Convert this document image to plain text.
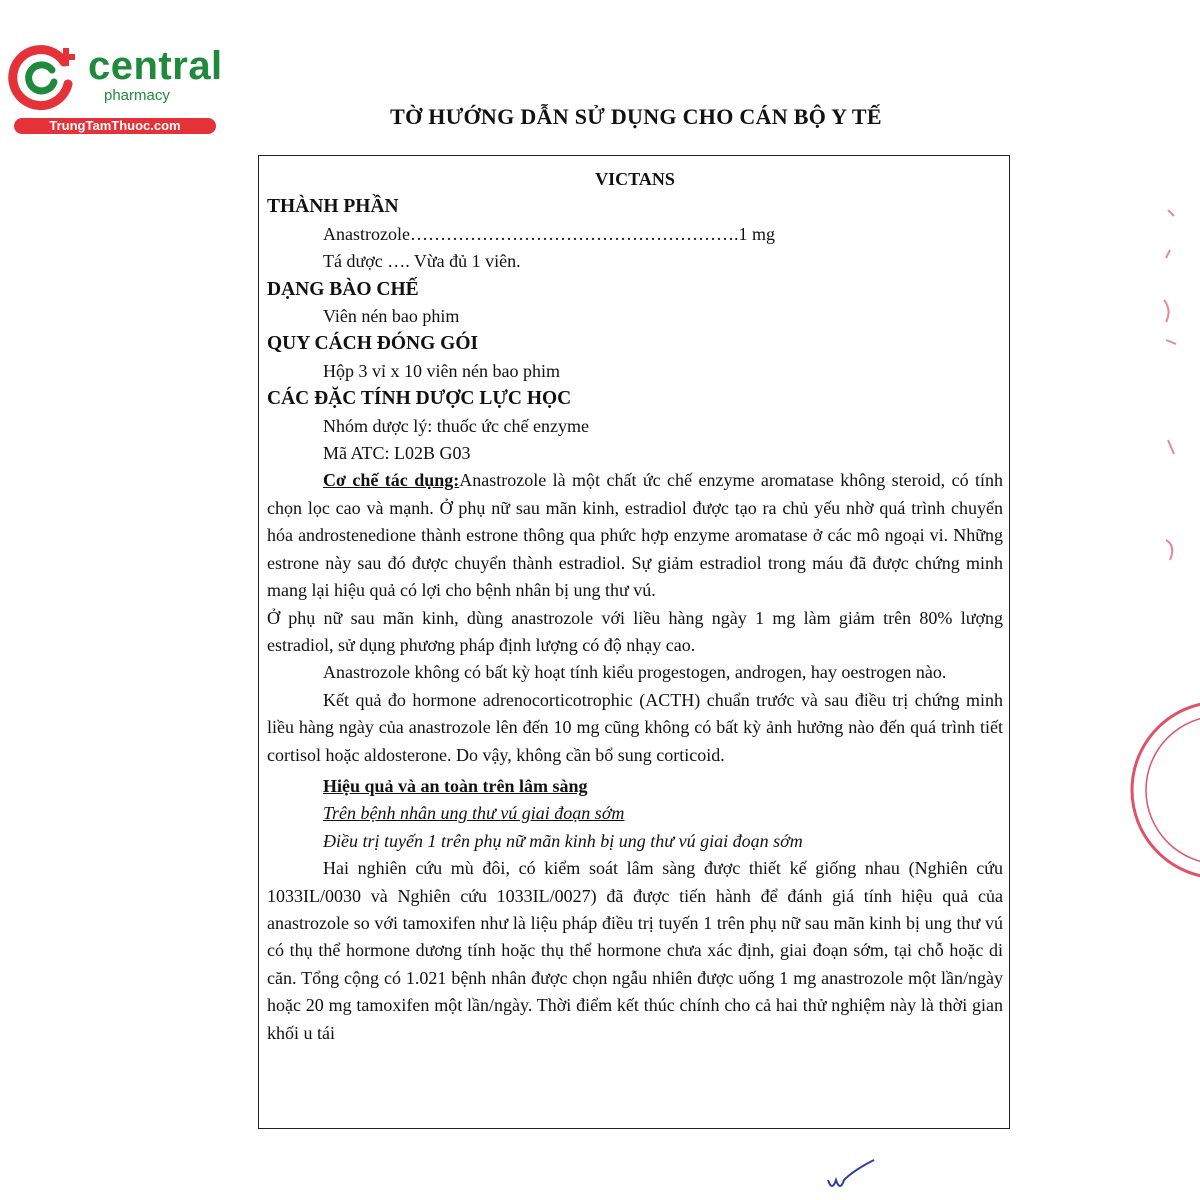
central
pharmacy
TrungTamThuoc.com	TỜ HƯỚNG DẪN SỬ DỤNG CHO CÁN BỘ Y TẾ

VICTANS

THÀNH PHẦN

Anastrozole……………………………………………….1 mg

Tá dược …. Vừa đủ 1 viên.

DẠNG BÀO CHẾ

Viên nén bao phim

QUY CÁCH ĐÓNG GÓI

Hộp 3 vỉ x 10 viên nén bao phim

CÁC ĐẶC TÍNH DƯỢC LỰC HỌC

Nhóm dược lý: thuốc ức chế enzyme

Mã ATC: L02B G03

Cơ chế tác dụng:Anastrozole là một chất ức chế enzyme aromatase không steroid, có tính chọn lọc cao và mạnh. Ở phụ nữ sau mãn kinh, estradiol được tạo ra chủ yếu nhờ quá trình chuyển hóa androstenedione thành estrone thông qua phức hợp enzyme aromatase ở các mô ngoại vi. Những estrone này sau đó được chuyển thành estradiol. Sự giảm estradiol trong máu đã được chứng minh mang lại hiệu quả có lợi cho bệnh nhân bị ung thư vú.

Ở phụ nữ sau mãn kinh, dùng anastrozole với liều hàng ngày 1 mg làm giảm trên 80% lượng estradiol, sử dụng phương pháp định lượng có độ nhạy cao.

Anastrozole không có bất kỳ hoạt tính kiểu progestogen, androgen, hay oestrogen nào.

Kết quả đo hormone adrenocorticotrophic (ACTH) chuẩn trước và sau điều trị chứng minh liều hàng ngày của anastrozole lên đến 10 mg cũng không có bất kỳ ảnh hưởng nào đến quá trình tiết cortisol hoặc aldosterone. Do vậy, không cần bổ sung corticoid.

Hiệu quả và an toàn trên lâm sàng

Trên bệnh nhân ung thư vú giai đoạn sớm

Điều trị tuyến 1 trên phụ nữ mãn kinh bị ung thư vú giai đoạn sớm

Hai nghiên cứu mù đôi, có kiểm soát lâm sàng được thiết kế giống nhau (Nghiên cứu 1033IL/0030 và Nghiên cứu 1033IL/0027) đã được tiến hành để đánh giá tính hiệu quả của anastrozole so với tamoxifen như là liệu pháp điều trị tuyến 1 trên phụ nữ sau mãn kinh bị ung thư vú có thụ thể hormone dương tính hoặc thụ thể hormone chưa xác định, giai đoạn sớm, tại chỗ hoặc di căn. Tổng cộng có 1.021 bệnh nhân được chọn ngẫu nhiên được uống 1 mg anastrozole một lần/ngày hoặc 20 mg tamoxifen một lần/ngày. Thời điểm kết thúc chính cho cả hai thử nghiệm này là thời gian khối u tái
